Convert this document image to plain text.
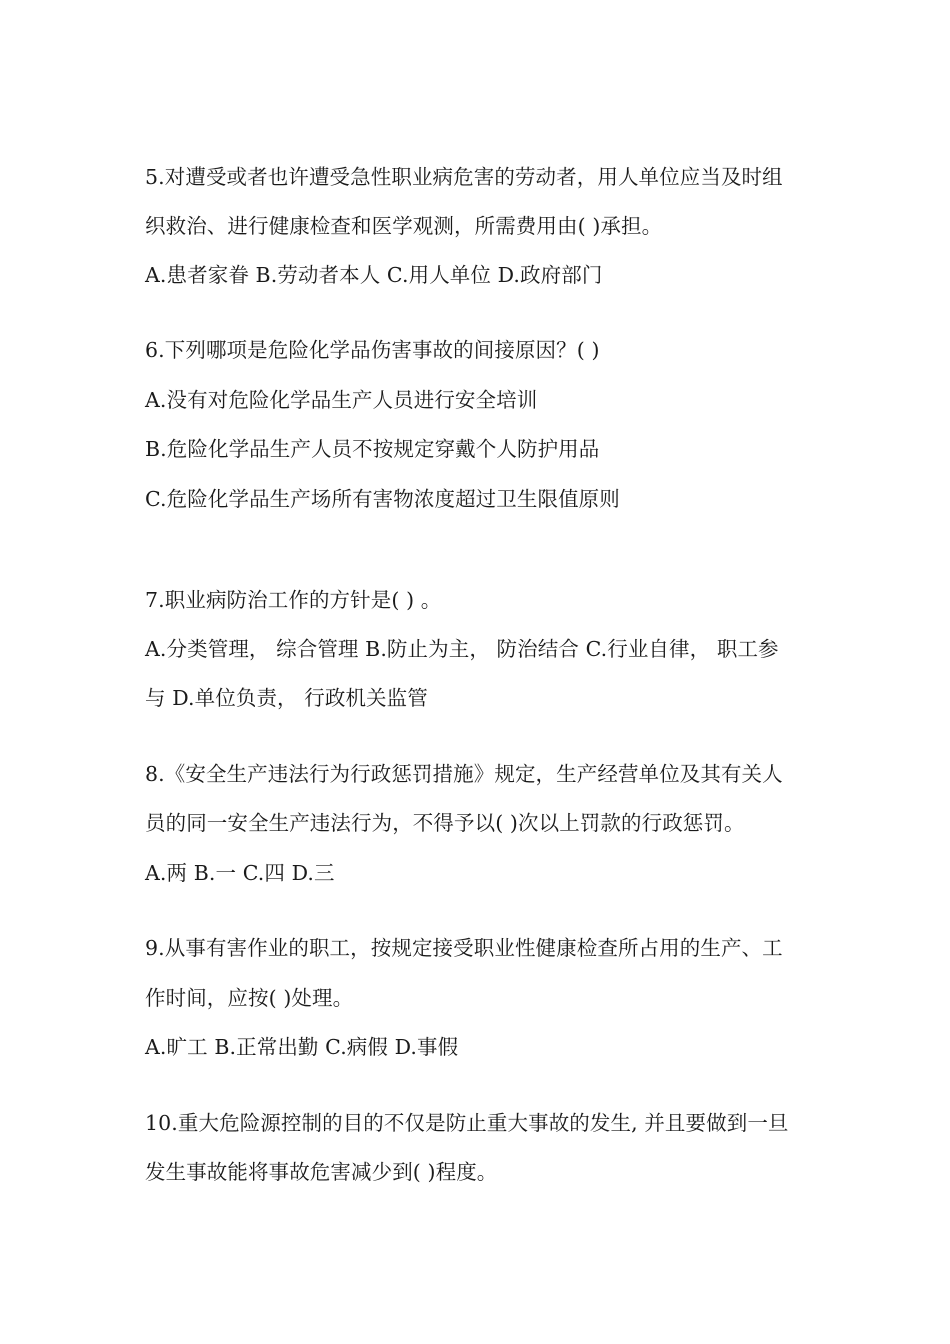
5.对遭受或者也许遭受急性职业病危害的劳动者，用人单位应当及时组
织救治、进行健康检查和医学观测，所需费用由( )承担。
A.患者家眷 B.劳动者本人 C.用人单位 D.政府部门
6.下列哪项是危险化学品伤害事故的间接原因？( )
A.没有对危险化学品生产人员进行安全培训
B.危险化学品生产人员不按规定穿戴个人防护用品
C.危险化学品生产场所有害物浓度超过卫生限值原则
7.职业病防治工作的方针是( ) 。
A.分类管理， 综合管理 B.防止为主， 防治结合 C.行业自律， 职工参
与 D.单位负责， 行政机关监管
8.《安全生产违法行为行政惩罚措施》规定，生产经营单位及其有关人
员的同一安全生产违法行为，不得予以( )次以上罚款的行政惩罚。
A.两 B.一 C.四 D.三
9.从事有害作业的职工，按规定接受职业性健康检查所占用的生产、工
作时间，应按( )处理。
A.旷工 B.正常出勤 C.病假 D.事假
10.重大危险源控制的目的不仅是防止重大事故的发生, 并且要做到一旦
发生事故能将事故危害减少到( )程度。
